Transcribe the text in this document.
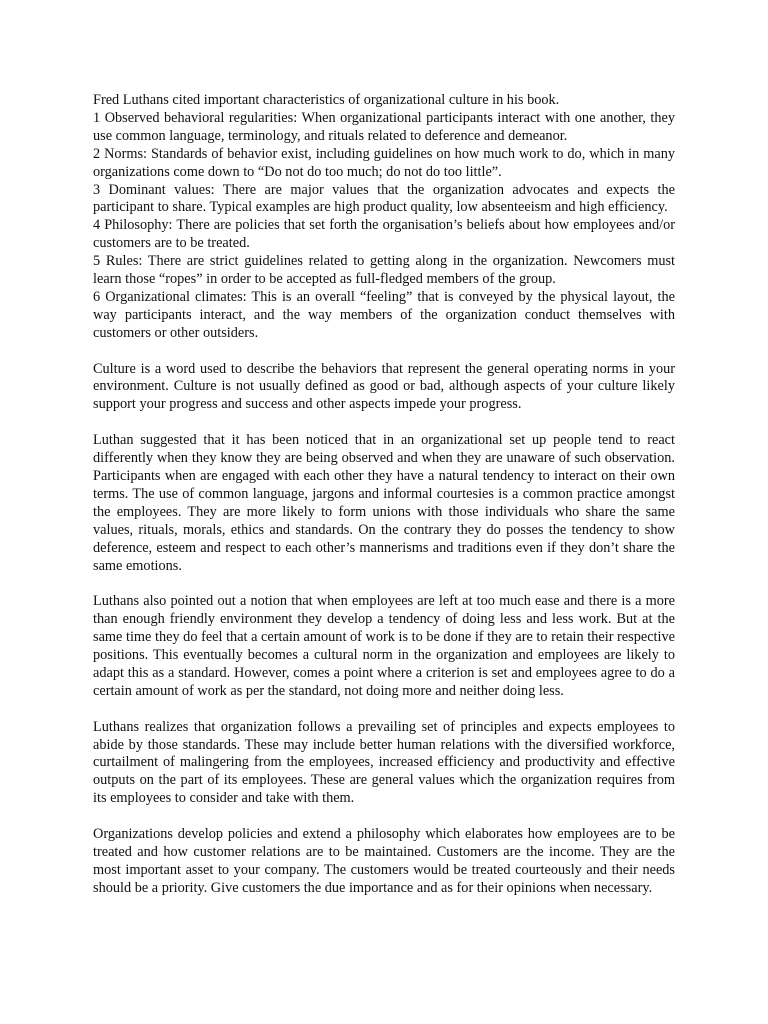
Fred Luthans cited important characteristics of organizational culture in his book.

1 Observed behavioral regularities: When organizational participants interact with one another, they use common language, terminology, and rituals related to deference and demeanor.

2 Norms: Standards of behavior exist, including guidelines on how much work to do, which in many organizations come down to “Do not do too much; do not do too little”.

3 Dominant values: There are major values that the organization advocates and expects the participant to share. Typical examples are high product quality, low absenteeism and high efficiency.

4 Philosophy: There are policies that set forth the organisation’s beliefs about how employees and/or customers are to be treated.

5 Rules: There are strict guidelines related to getting along in the organization. Newcomers must learn those “ropes” in order to be accepted as full-fledged members of the group.

6 Organizational climates: This is an overall “feeling” that is conveyed by the physical layout, the way participants interact, and the way members of the organization conduct themselves with customers or other outsiders.

Culture is a word used to describe the behaviors that represent the general operating norms in your environment. Culture is not usually defined as good or bad, although aspects of your culture likely support your progress and success and other aspects impede your progress.

Luthan suggested that it has been noticed that in an organizational set up people tend to react differently when they know they are being observed and when they are unaware of such observation. Participants when are engaged with each other they have a natural tendency to interact on their own terms. The use of common language, jargons and informal courtesies is a common practice amongst the employees. They are more likely to form unions with those individuals who share the same values, rituals, morals, ethics and standards. On the contrary they do posses the tendency to show deference, esteem and respect to each other’s mannerisms and traditions even if they don’t share the same emotions.

Luthans also pointed out a notion that when employees are left at too much ease and there is a more than enough friendly environment they develop a tendency of doing less and less work. But at the same time they do feel that a certain amount of work is to be done if they are to retain their respective positions. This eventually becomes a cultural norm in the organization and employees are likely to adapt this as a standard. However, comes a point where a criterion is set and employees agree to do a certain amount of work as per the standard, not doing more and neither doing less.

Luthans realizes that organization follows a prevailing set of principles and expects employees to abide by those standards. These may include better human relations with the diversified workforce, curtailment of malingering from the employees, increased efficiency and productivity and effective outputs on the part of its employees. These are general values which the organization requires from its employees to consider and take with them.

Organizations develop policies and extend a philosophy which elaborates how employees are to be treated and how customer relations are to be maintained. Customers are the income. They are the most important asset to your company. The customers would be treated courteously and their needs should be a priority. Give customers the due importance and as for their opinions when necessary.
